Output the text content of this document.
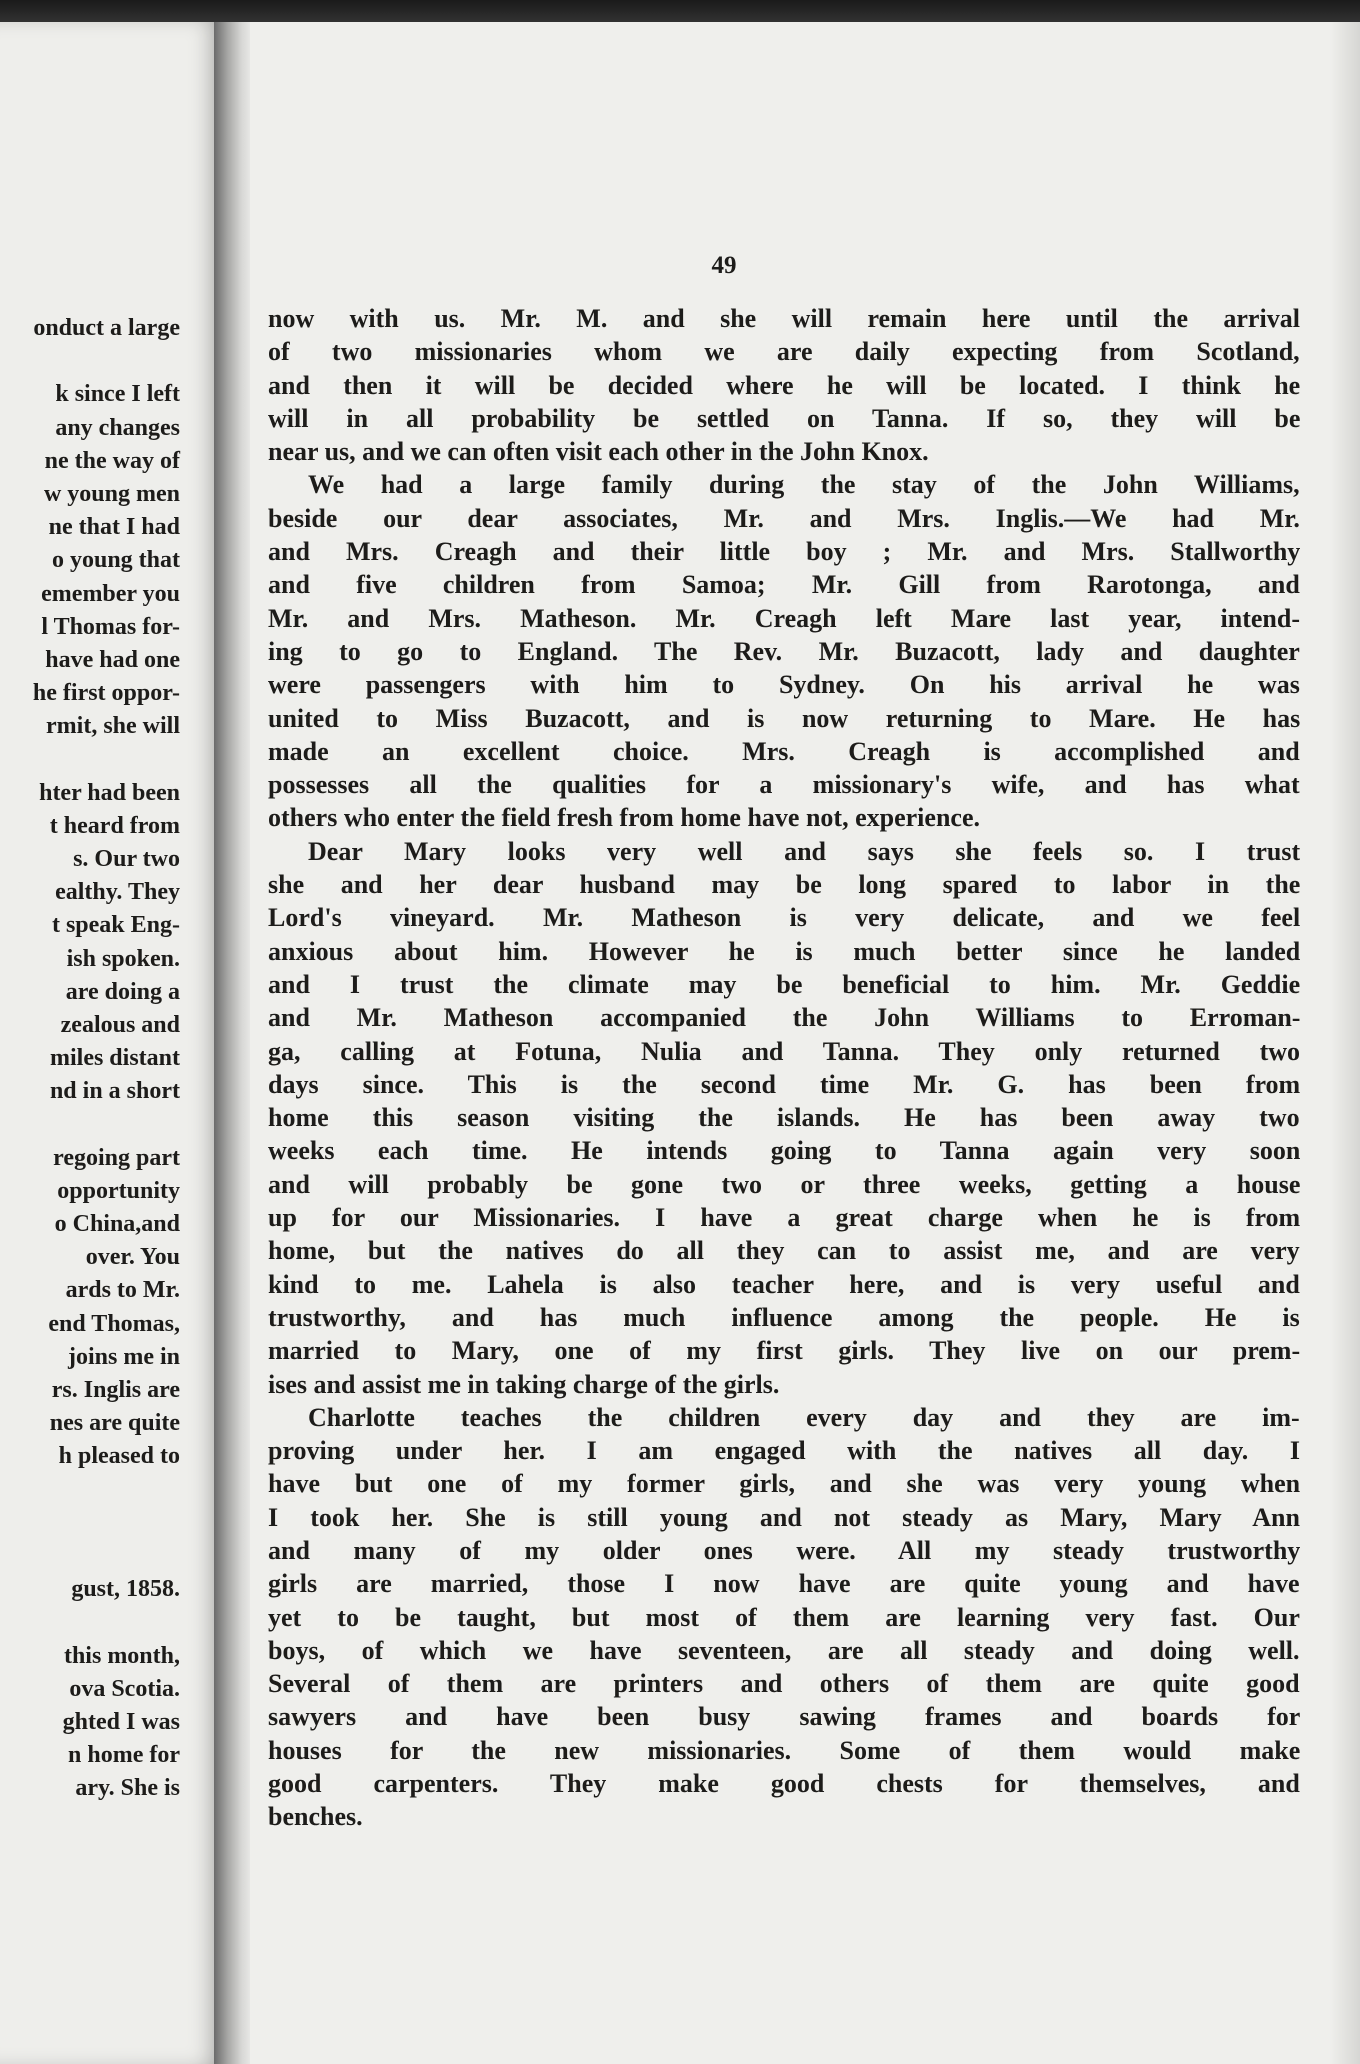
onduct a large
k since I left
any changes
ne the way of
w young men
ne that I had
o young that
emember you
l Thomas for-
have had one
he first oppor-
rmit, she will
hter had been
t heard from
s. Our two
ealthy. They
t speak Eng-
ish spoken.
are doing a
zealous and
miles distant
nd in a short
regoing part
opportunity
o China,and
over. You
ards to Mr.
end Thomas,
joins me in
rs. Inglis are
nes are quite
h pleased to
gust, 1858.
this month,
ova Scotia.
ghted I was
n home for
ary. She is
49
now with us. Mr. M. and she will remain here until the arrival
of two missionaries whom we are daily expecting from Scotland,
and then it will be decided where he will be located. I think he
will in all probability be settled on Tanna. If so, they will be
near us, and we can often visit each other in the John Knox.
We had a large family during the stay of the John Williams,
beside our dear associates, Mr. and Mrs. Inglis.—We had Mr.
and Mrs. Creagh and their little boy ; Mr. and Mrs. Stallworthy
and five children from Samoa; Mr. Gill from Rarotonga, and
Mr. and Mrs. Matheson. Mr. Creagh left Mare last year, intend-
ing to go to England. The Rev. Mr. Buzacott, lady and daughter
were passengers with him to Sydney. On his arrival he was
united to Miss Buzacott, and is now returning to Mare. He has
made an excellent choice. Mrs. Creagh is accomplished and
possesses all the qualities for a missionary's wife, and has what
others who enter the field fresh from home have not, experience.
Dear Mary looks very well and says she feels so. I trust
she and her dear husband may be long spared to labor in the
Lord's vineyard. Mr. Matheson is very delicate, and we feel
anxious about him. However he is much better since he landed
and I trust the climate may be beneficial to him. Mr. Geddie
and Mr. Matheson accompanied the John Williams to Erroman-
ga, calling at Fotuna, Nulia and Tanna. They only returned two
days since. This is the second time Mr. G. has been from
home this season visiting the islands. He has been away two
weeks each time. He intends going to Tanna again very soon
and will probably be gone two or three weeks, getting a house
up for our Missionaries. I have a great charge when he is from
home, but the natives do all they can to assist me, and are very
kind to me. Lahela is also teacher here, and is very useful and
trustworthy, and has much influence among the people. He is
married to Mary, one of my first girls. They live on our prem-
ises and assist me in taking charge of the girls.
Charlotte teaches the children every day and they are im-
proving under her. I am engaged with the natives all day. I
have but one of my former girls, and she was very young when
I took her. She is still young and not steady as Mary, Mary Ann
and many of my older ones were. All my steady trustworthy
girls are married, those I now have are quite young and have
yet to be taught, but most of them are learning very fast. Our
boys, of which we have seventeen, are all steady and doing well.
Several of them are printers and others of them are quite good
sawyers and have been busy sawing frames and boards for
houses for the new missionaries. Some of them would make
good carpenters. They make good chests for themselves, and
benches.
